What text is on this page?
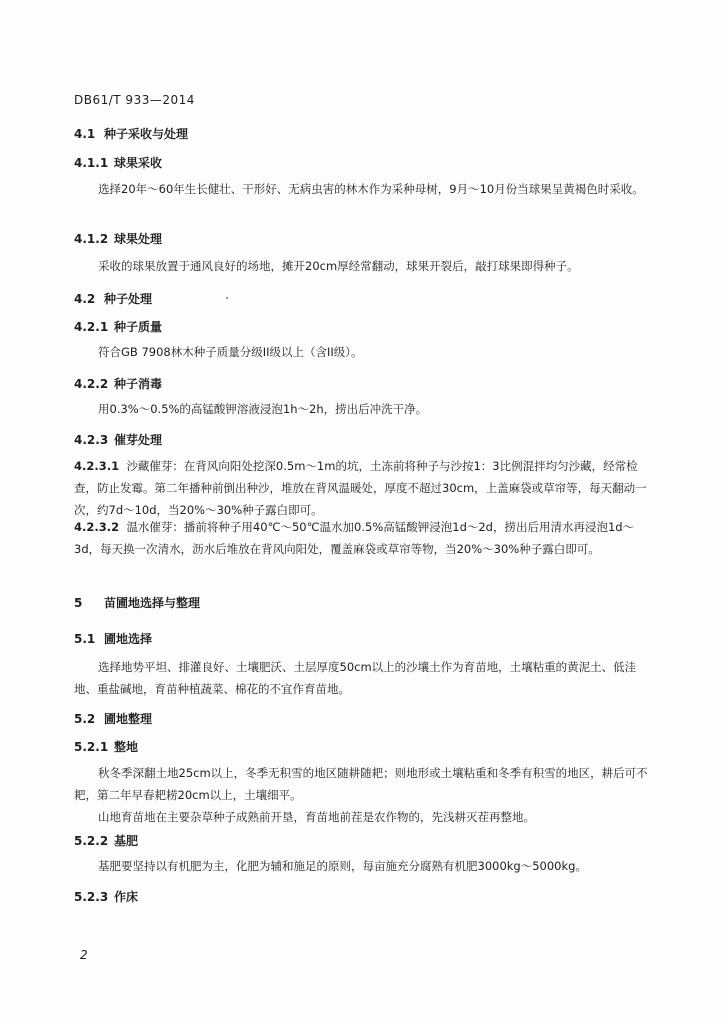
DB61/T 933—2014
4.1 种子采收与处理
4.1.1 球果采收

选择20年～60年生长健壮、干形好、无病虫害的林木作为采种母树，9月～10月份当球果呈黄褐色时采收。

4.1.2 球果处理

采收的球果放置于通风良好的场地，摊开20cm厚经常翻动，球果开裂后，敲打球果即得种子。

4.2 种子处理
4.2.1 种子质量

符合GB 7908林木种子质量分级II级以上（含II级）。

4.2.2 种子消毒

用0.3%～0.5%的高锰酸钾溶液浸泡1h～2h，捞出后冲洗干净。

4.2.3 催芽处理

4.2.3.1 沙藏催芽：在背风向阳处挖深0.5m～1m的坑，土冻前将种子与沙按1：3比例混拌均匀沙藏，经常检查，防止发霉。第二年播种前倒出种沙，堆放在背风温暖处，厚度不超过30cm，上盖麻袋或草帘等，每天翻动一次，约7d～10d，当20%～30%种子露白即可。

4.2.3.2 温水催芽：播前将种子用40℃～50℃温水加0.5%高锰酸钾浸泡1d～2d，捞出后用清水再浸泡1d～3d，每天换一次清水，沥水后堆放在背风向阳处，覆盖麻袋或草帘等物，当20%～30%种子露白即可。

5 苗圃地选择与整理
5.1 圃地选择

选择地势平坦、排灌良好、土壤肥沃、土层厚度50cm以上的沙壤土作为育苗地，土壤粘重的黄泥土、低洼地、重盐碱地，育苗种植蔬菜、棉花的不宜作育苗地。

5.2 圃地整理
5.2.1 整地

秋冬季深翻土地25cm以上，冬季无积雪的地区随耕随耙；则地形或土壤粘重和冬季有积雪的地区，耕后可不耙，第二年早春耙耢20cm以上，土壤细平。

山地育苗地在主要杂草种子成熟前开垦，育苗地前茬是农作物的，先浅耕灭茬再整地。

5.2.2 基肥

基肥要坚持以有机肥为主，化肥为辅和施足的原则，每亩施充分腐熟有机肥3000kg～5000kg。

5.2.3 作床
2
